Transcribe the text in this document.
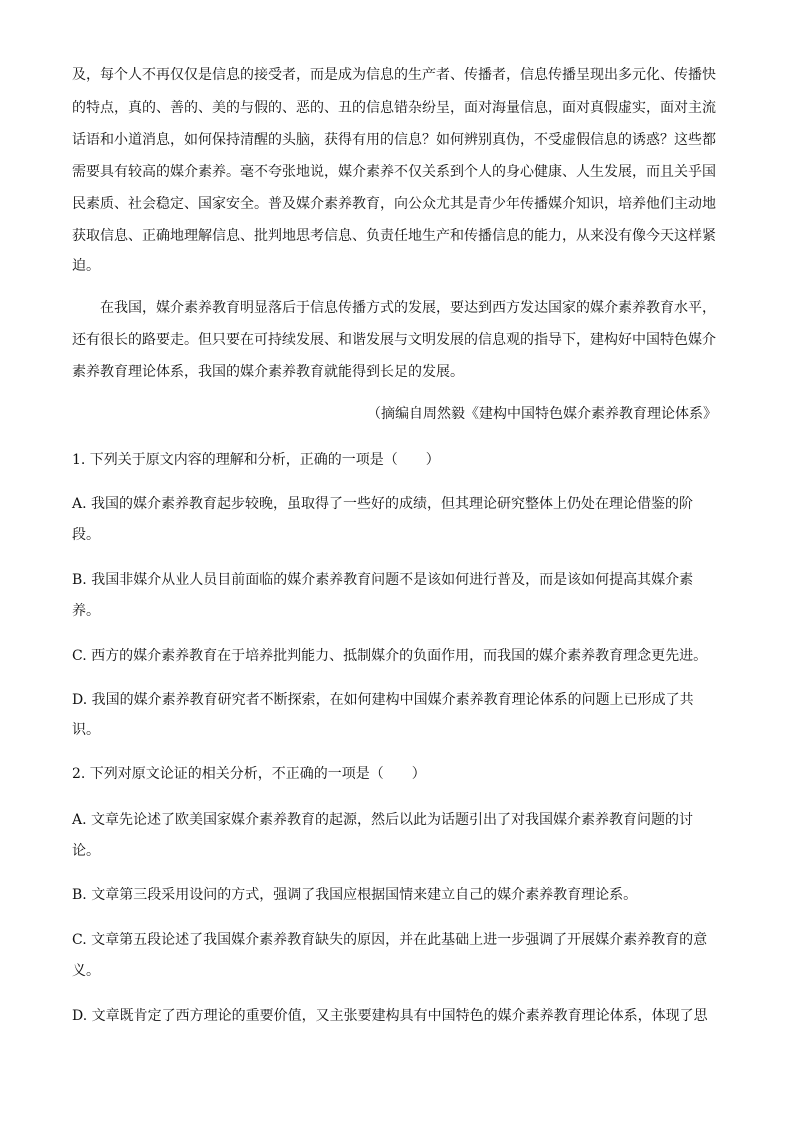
及，每个人不再仅仅是信息的接受者，而是成为信息的生产者、传播者，信息传播呈现出多元化、传播快

的特点，真的、善的、美的与假的、恶的、丑的信息错杂纷呈，面对海量信息，面对真假虚实，面对主流

话语和小道消息，如何保持清醒的头脑，获得有用的信息？如何辨别真伪，不受虚假信息的诱惑？这些都

需要具有较高的媒介素养。毫不夸张地说，媒介素养不仅关系到个人的身心健康、人生发展，而且关乎国

民素质、社会稳定、国家安全。普及媒介素养教育，向公众尤其是青少年传播媒介知识，培养他们主动地

获取信息、正确地理解信息、批判地思考信息、负责任地生产和传播信息的能力，从来没有像今天这样紧

迫。

在我国，媒介素养教育明显落后于信息传播方式的发展，要达到西方发达国家的媒介素养教育水平，

还有很长的路要走。但只要在可持续发展、和谐发展与文明发展的信息观的指导下，建构好中国特色媒介

素养教育理论体系，我国的媒介素养教育就能得到长足的发展。

（摘编自周然毅《建构中国特色媒介素养教育理论体系》

1. 下列关于原文内容的理解和分析，正确的一项是（　　）

A. 我国的媒介素养教育起步较晚，虽取得了一些好的成绩，但其理论研究整体上仍处在理论借鉴的阶

段。

B. 我国非媒介从业人员目前面临的媒介素养教育问题不是该如何进行普及，而是该如何提高其媒介素

养。

C. 西方的媒介素养教育在于培养批判能力、抵制媒介的负面作用，而我国的媒介素养教育理念更先进。

D. 我国的媒介素养教育研究者不断探索，在如何建构中国媒介素养教育理论体系的问题上已形成了共

识。

2. 下列对原文论证的相关分析，不正确的一项是（　　）

A. 文章先论述了欧美国家媒介素养教育的起源，然后以此为话题引出了对我国媒介素养教育问题的讨

论。

B. 文章第三段采用设问的方式，强调了我国应根据国情来建立自己的媒介素养教育理论系。

C. 文章第五段论述了我国媒介素养教育缺失的原因，并在此基础上进一步强调了开展媒介素养教育的意

义。

D. 文章既肯定了西方理论的重要价值，又主张要建构具有中国特色的媒介素养教育理论体系，体现了思
